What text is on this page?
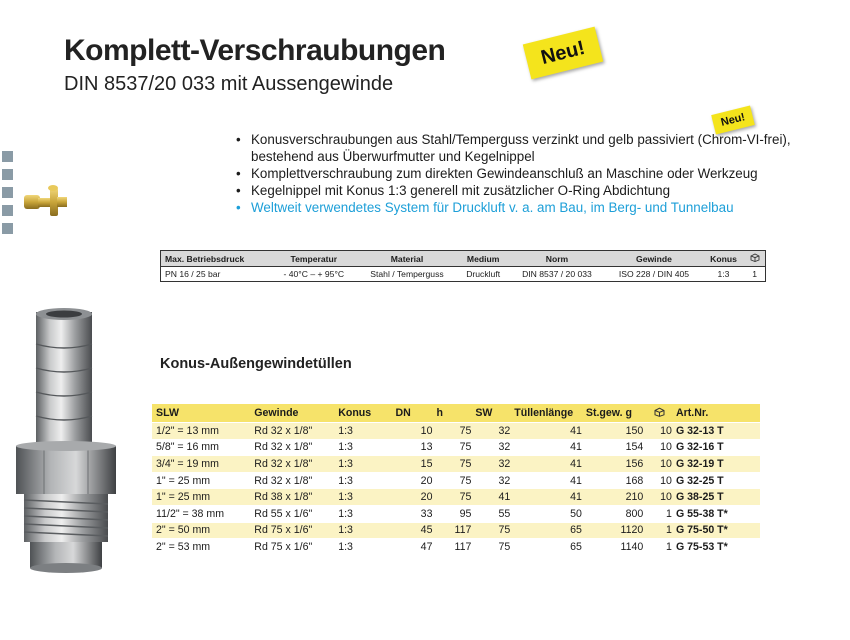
Komplett-Verschraubungen
DIN 8537/20 033 mit Aussengewinde
Neu!
Neu!
• Konusverschraubungen aus Stahl/Temperguss verzinkt und gelb passiviert (Chrom-VI-frei), bestehend aus Überwurfmutter und Kegelnippel
• Komplettverschraubung zum direkten Gewindeanschluß an Maschine oder Werkzeug
• Kegelnippel mit Konus 1:3 generell mit zusätzlicher O-Ring Abdichtung
• Weltweit verwendetes System für Druckluft v. a. am Bau, im Berg- und Tunnelbau
Max. Betriebsdruck	Temperatur	Material	Medium	Norm	Gewinde	Konus	
PN 16 / 25 bar	- 40°C – + 95°C	Stahl / Temperguss	Druckluft	DIN 8537 / 20 033	ISO 228 / DIN 405	1:3	1
Konus-Außengewindetüllen
SLW	Gewinde	Konus	DN	h	SW	Tüllenlänge	St.gew. g		Art.Nr.
1/2" = 13 mm	Rd 32 x 1/8"	1:3	10	75	32	41	150	10	G 32-13 T
5/8" = 16 mm	Rd 32 x 1/8"	1:3	13	75	32	41	154	10	G 32-16 T
3/4" = 19 mm	Rd 32 x 1/8"	1:3	15	75	32	41	156	10	G 32-19 T
1" = 25 mm	Rd 32 x 1/8"	1:3	20	75	32	41	168	10	G 32-25 T
1" = 25 mm	Rd 38 x 1/8"	1:3	20	75	41	41	210	10	G 38-25 T
11/2" = 38 mm	Rd 55 x 1/6"	1:3	33	95	55	50	800	1	G 55-38 T*
2" = 50 mm	Rd 75 x 1/6"	1:3	45	117	75	65	1120	1	G 75-50 T*
2" = 53 mm	Rd 75 x 1/6"	1:3	47	117	75	65	1140	1	G 75-53 T*
